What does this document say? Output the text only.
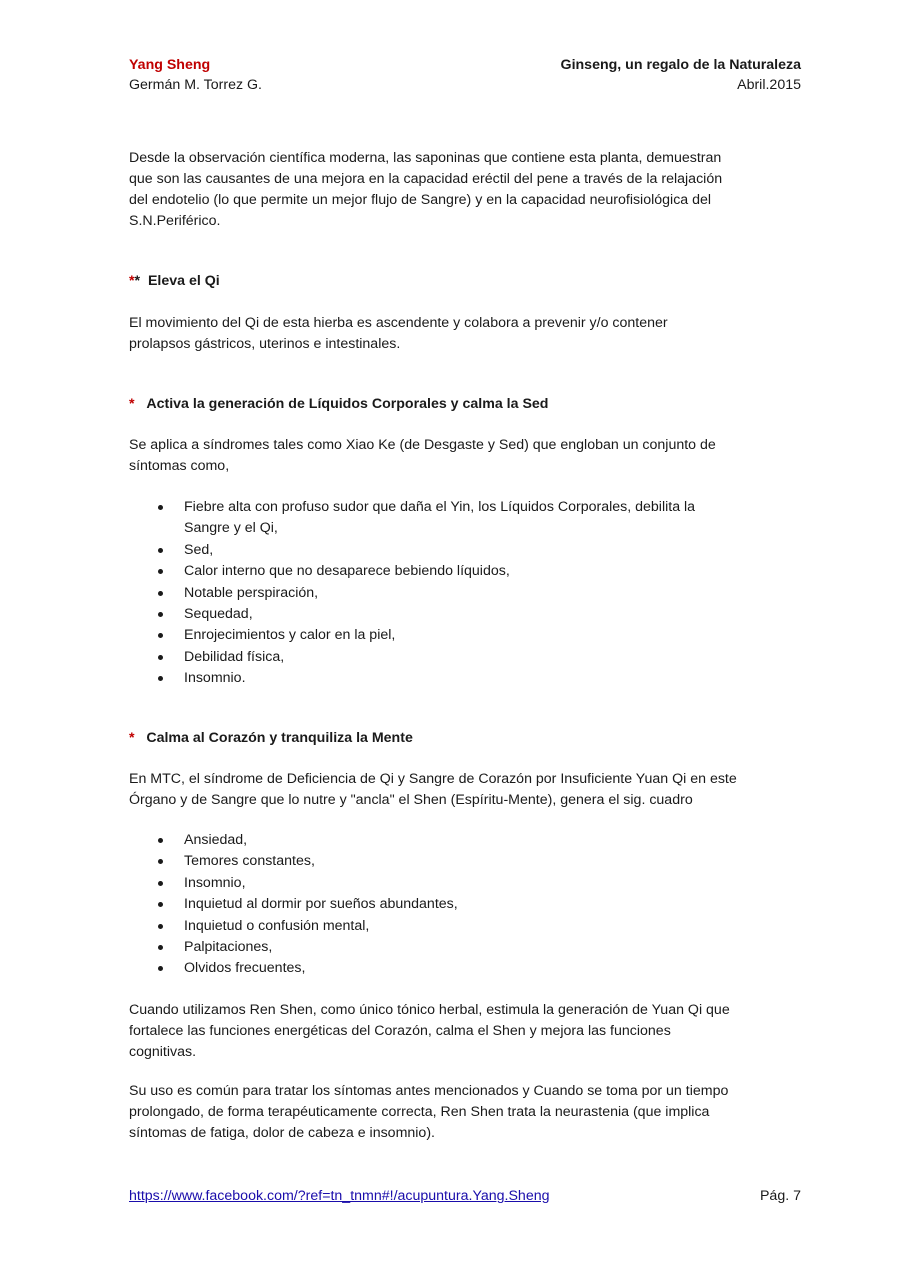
Yang Sheng
Germán M. Torrez G.
Ginseng, un regalo de la Naturaleza
Abril.2015
Desde la observación científica moderna, las saponinas que contiene esta planta, demuestran
que son las causantes de una mejora en la capacidad eréctil del pene a través de la relajación
del endotelio (lo que permite un mejor flujo de Sangre) y en la capacidad neurofisiológica del
S.N.Periférico.
** Eleva el Qi
El movimiento del Qi de esta hierba es ascendente y colabora a prevenir y/o contener
prolapsos gástricos, uterinos e intestinales.
* Activa la generación de Líquidos Corporales y calma la Sed
Se aplica a síndromes tales como Xiao Ke (de Desgaste y Sed) que engloban un conjunto de
síntomas como,
Fiebre alta con profuso sudor que daña el Yin, los Líquidos Corporales, debilita la
Sangre y el Qi,
Sed,
Calor interno que no desaparece bebiendo líquidos,
Notable perspiración,
Sequedad,
Enrojecimientos y calor en la piel,
Debilidad física,
Insomnio.
* Calma al Corazón y tranquiliza la Mente
En MTC, el síndrome de Deficiencia de Qi y Sangre de Corazón por Insuficiente Yuan Qi en este
Órgano y de Sangre que lo nutre y "ancla" el Shen (Espíritu-Mente), genera el sig. cuadro
Ansiedad,
Temores constantes,
Insomnio,
Inquietud al dormir por sueños abundantes,
Inquietud o confusión mental,
Palpitaciones,
Olvidos frecuentes,
Cuando utilizamos Ren Shen, como único tónico herbal, estimula la generación de Yuan Qi que
fortalece las funciones energéticas del Corazón, calma el Shen y mejora las funciones
cognitivas.
Su uso es común para tratar los síntomas antes mencionados y Cuando se toma por un tiempo
prolongado, de forma terapéuticamente correcta, Ren Shen trata la neurastenia (que implica
síntomas de fatiga, dolor de cabeza e insomnio).
https://www.facebook.com/?ref=tn_tnmn#!/acupuntura.Yang.Sheng	Pág. 7
